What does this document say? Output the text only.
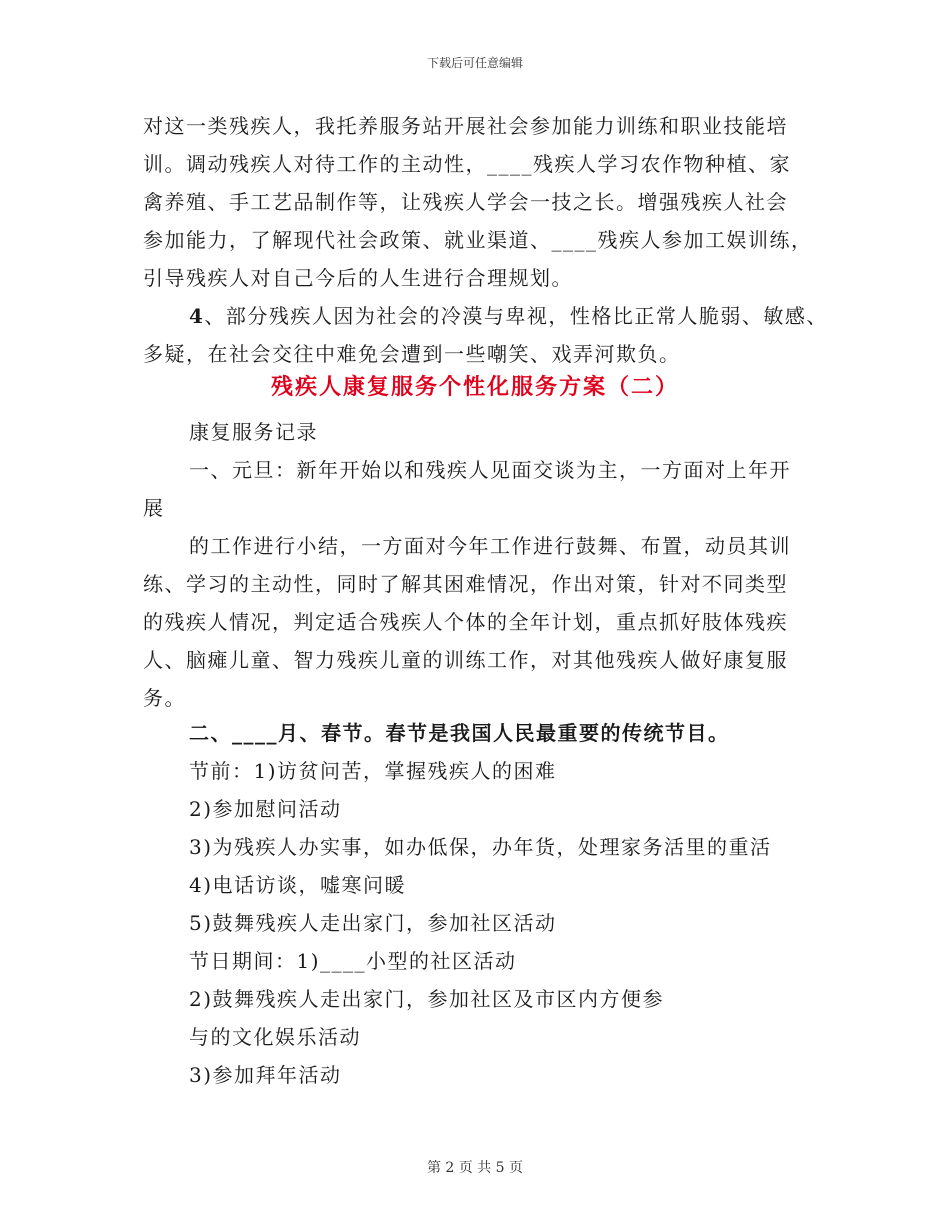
下载后可任意编辑
对这一类残疾人，我托养服务站开展社会参加能力训练和职业技能培
训。调动残疾人对待工作的主动性，____残疾人学习农作物种植、家
禽养殖、手工艺品制作等，让残疾人学会一技之长。增强残疾人社会
参加能力，了解现代社会政策、就业渠道、____残疾人参加工娱训练，
引导残疾人对自己今后的人生进行合理规划。
4、部分残疾人因为社会的冷漠与卑视，性格比正常人脆弱、敏感、
多疑，在社会交往中难免会遭到一些嘲笑、戏弄河欺负。
残疾人康复服务个性化服务方案（二）
康复服务记录
一、元旦：新年开始以和残疾人见面交谈为主，一方面对上年开
展
的工作进行小结，一方面对今年工作进行鼓舞、布置，动员其训
练、学习的主动性，同时了解其困难情况，作出对策，针对不同类型
的残疾人情况，判定适合残疾人个体的全年计划，重点抓好肢体残疾
人、脑瘫儿童、智力残疾儿童的训练工作，对其他残疾人做好康复服
务。
二、____月、春节。春节是我国人民最重要的传统节目。
节前：1)访贫问苦，掌握残疾人的困难
2)参加慰问活动
3)为残疾人办实事，如办低保，办年货，处理家务活里的重活
4)电话访谈，嘘寒问暖
5)鼓舞残疾人走出家门，参加社区活动
节日期间：1)____小型的社区活动
2)鼓舞残疾人走出家门，参加社区及市区内方便参
与的文化娱乐活动
3)参加拜年活动
第 2 页 共 5 页
